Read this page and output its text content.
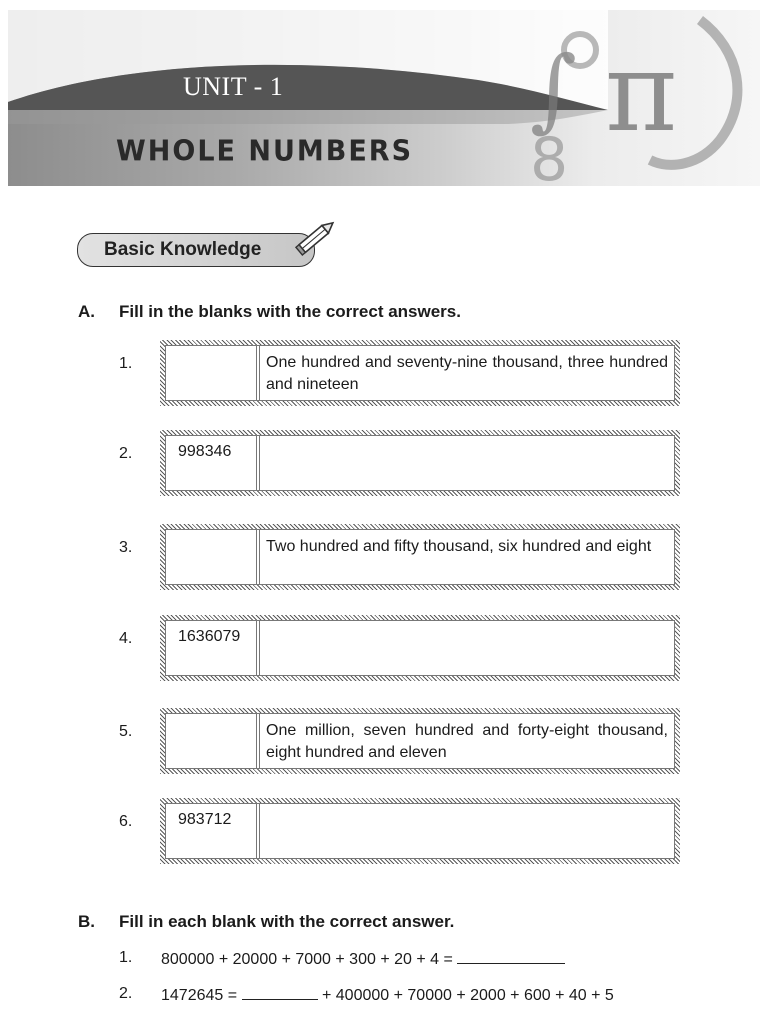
∫ π
8
UNIT - 1
WHOLE NUMBERS
Basic Knowledge
A. Fill in the blanks with the correct answers.
1.	One hundred and seventy-nine thousand, three hundred and nineteen
2.	998346
3.	Two hundred and fifty thousand, six hundred and eight
4.	1636079
5.	One million, seven hundred and forty-eight thousand, eight hundred and eleven
6.	983712
B. Fill in each blank with the correct answer.
1. 800000 + 20000 + 7000 + 300 + 20 + 4 =
2. 1472645 =	+ 400000 + 70000 + 2000 + 600 + 40 + 5
